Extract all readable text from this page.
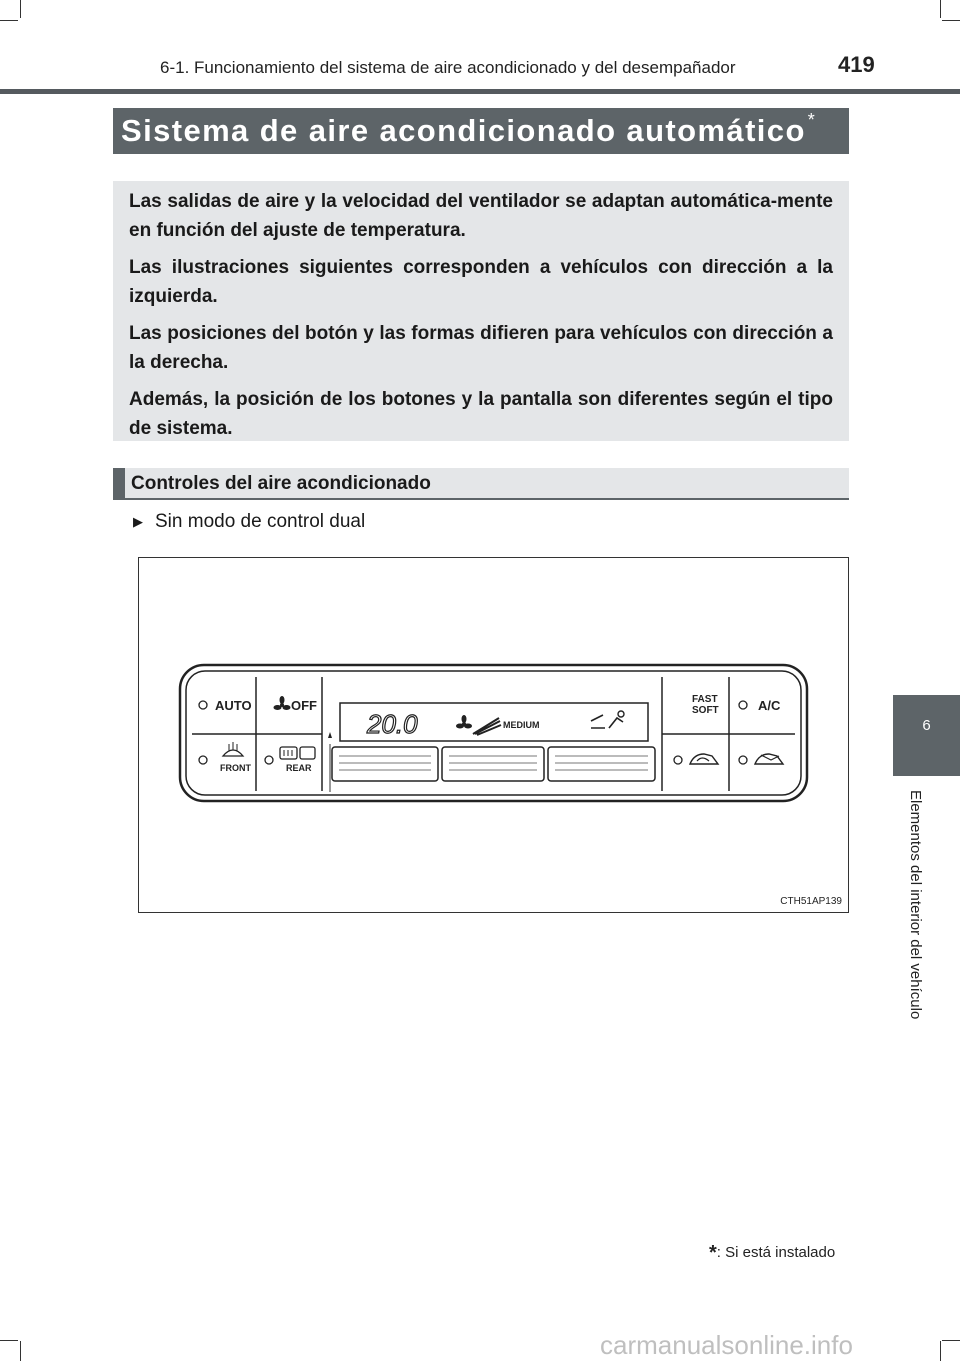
6-1. Funcionamiento del sistema de aire acondicionado y del desempañador	419
Sistema de aire acondicionado automático *

Las salidas de aire y la velocidad del ventilador se adaptan automática-mente en función del ajuste de temperatura.

Las ilustraciones siguientes corresponden a vehículos con dirección a la izquierda.

Las posiciones del botón y las formas difieren para vehículos con dirección a la derecha.

Además, la posición de los botones y la pantalla son diferentes según el tipo de sistema.

Controles del aire acondicionado
▶ Sin modo de control dual
AUTO	OFF
FRONT	REAR
20.0	MEDIUM
FAST
SOFT	A/C
CTH51AP139
*: Si está instalado
6
Elementos del interior del vehículo
carmanualsonline.info
